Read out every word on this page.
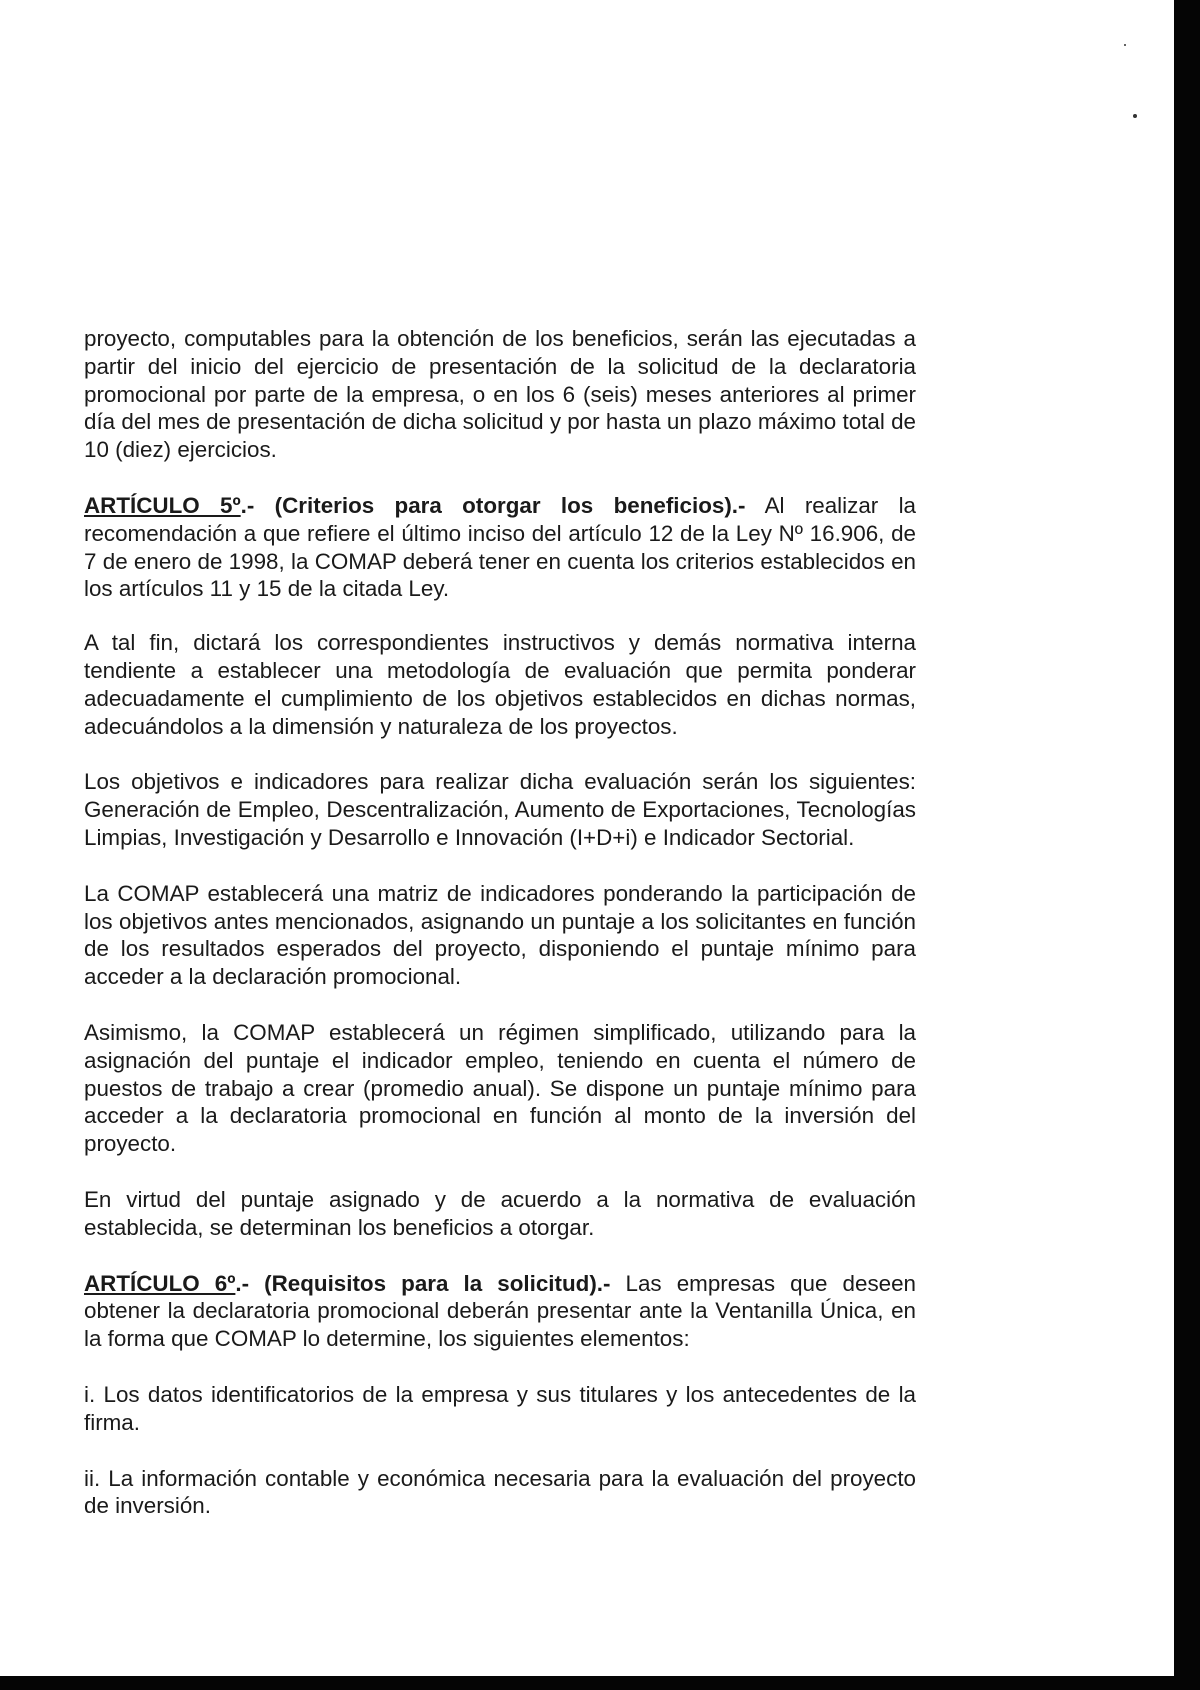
proyecto, computables para la obtención de los beneficios, serán las ejecutadas a partir del inicio del ejercicio de presentación de la solicitud de la declaratoria promocional por parte de la empresa, o en los 6 (seis) meses anteriores al primer día del mes de presentación de dicha solicitud y por hasta un plazo máximo total de 10 (diez) ejercicios.

ARTÍCULO 5º.- (Criterios para otorgar los beneficios).- Al realizar la recomendación a que refiere el último inciso del artículo 12 de la Ley Nº 16.906, de 7 de enero de 1998, la COMAP deberá tener en cuenta los criterios establecidos en los artículos 11 y 15 de la citada Ley.

A tal fin, dictará los correspondientes instructivos y demás normativa interna tendiente a establecer una metodología de evaluación que permita ponderar adecuadamente el cumplimiento de los objetivos establecidos en dichas normas, adecuándolos a la dimensión y naturaleza de los proyectos.

Los objetivos e indicadores para realizar dicha evaluación serán los siguientes: Generación de Empleo, Descentralización, Aumento de Exportaciones, Tecnologías Limpias, Investigación y Desarrollo e Innovación (I+D+i) e Indicador Sectorial.

La COMAP establecerá una matriz de indicadores ponderando la participación de los objetivos antes mencionados, asignando un puntaje a los solicitantes en función de los resultados esperados del proyecto, disponiendo el puntaje mínimo para acceder a la declaración promocional.

Asimismo, la COMAP establecerá un régimen simplificado, utilizando para la asignación del puntaje el indicador empleo, teniendo en cuenta el número de puestos de trabajo a crear (promedio anual). Se dispone un puntaje mínimo para acceder a la declaratoria promocional en función al monto de la inversión del proyecto.

En virtud del puntaje asignado y de acuerdo a la normativa de evaluación establecida, se determinan los beneficios a otorgar.

ARTÍCULO 6º.- (Requisitos para la solicitud).- Las empresas que deseen obtener la declaratoria promocional deberán presentar ante la Ventanilla Única, en la forma que COMAP lo determine, los siguientes elementos:

i. Los datos identificatorios de la empresa y sus titulares y los antecedentes de la firma.

ii. La información contable y económica necesaria para la evaluación del proyecto de inversión.
